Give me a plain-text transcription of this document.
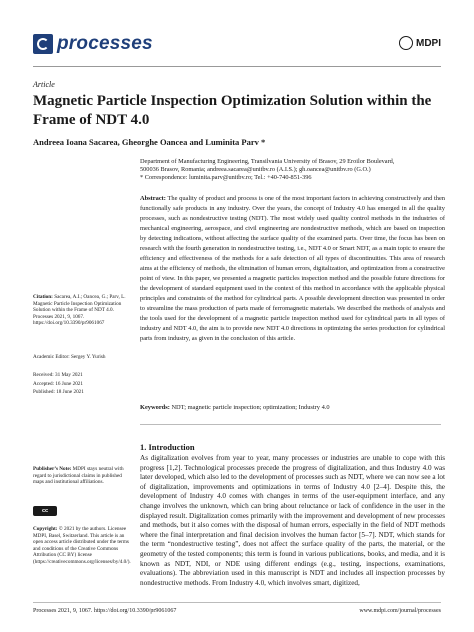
processes	MDPI
Article
Magnetic Particle Inspection Optimization Solution within the Frame of NDT 4.0
Andreea Ioana Sacarea, Gheorghe Oancea and Luminita Parv *

Department of Manufacturing Engineering, Transilvania University of Brasov, 29 Eroilor Boulevard,

500036 Brasov, Romania; andreea.sacarea@unitbv.ro (A.I.S.); gh.oancea@unitbv.ro (G.O.)

* Correspondence: luminita.parv@unitbv.ro; Tel.: +40-740-851-396

Abstract: The quality of product and process is one of the most important factors in achieving constructively and then functionally safe products in any industry. Over the years, the concept of Industry 4.0 has emerged in all the quality processes, such as nondestructive testing (NDT). The most widely used quality control methods in the industries of mechanical engineering, aerospace, and civil engineering are nondestructive methods, which are based on inspection by detecting indications, without affecting the surface quality of the examined parts. Over time, the focus has been on research with the fourth generation in nondestructive testing, i.e., NDT 4.0 or Smart NDT, as a main topic to ensure the efficiency and effectiveness of the methods for a safe detection of all types of discontinuities. This area of research aims at the efficiency of methods, the elimination of human errors, digitalization, and optimization from a constructive point of view. In this paper, we presented a magnetic particles inspection method and the possible future directions for the development of standard equipment used in the context of this method in accordance with the applicable physical principles and constraints of the method for cylindrical parts. A possible development direction was presented in order to streamline the mass production of parts made of ferromagnetic materials. We described the methods of analysis and the tools used for the development of a magnetic particle inspection method used for cylindrical parts in all types of industry and NDT 4.0, the aim is to provide new NDT 4.0 directions in optimizing the series production for cylindrical parts from industry, as given in the conclusion of this article.
Keywords: NDT; magnetic particle inspection; optimization; Industry 4.0
1. Introduction
As digitalization evolves from year to year, many processes or industries are unable to cope with this progress [1,2]. Technological processes precede the progress of digitalization, and thus Industry 4.0 was later developed, which also led to the development of processes such as NDT, where we can now see a lot of digitalization, improvements and optimizations in terms of Industry 4.0 [2–4]. Despite this, the development of Industry 4.0 comes with changes in terms of the user-equipment interface, and any change involves the unknown, which can bring about reluctance or lack of confidence in the user in the displayed result. Digitalization comes primarily with the improvement and development of new processes and methods, but it also comes with the disposal of human errors, especially in the field of NDT methods where the final interpretation and final decision involves the human factor [5–7]. NDT, which stands for the term “nondestructive testing”, does not affect the surface quality of the parts, the material, or the geometry of the tested components; this term is found in various publications, books, and media, and it is known as NDT, NDI, or NDE using different endings (e.g., testing, inspections, examinations, evaluations). The abbreviation used in this manuscript is NDT and includes all inspection processes by nondestructive methods. From Industry 4.0, which involves smart, digitized,

Citation: Sacarea, A.I.; Oancea, G.; Parv, L. Magnetic Particle Inspection Optimization Solution within the Frame of NDT 4.0. Processes 2021, 9, 1067. https://doi.org/10.3390/pr9061067

Academic Editor: Sergey Y. Yurish

Received: 31 May 2021

Accepted: 16 June 2021

Published: 18 June 2021

Publisher’s Note: MDPI stays neutral with regard to jurisdictional claims in published maps and institutional affiliations.

cc

Copyright: © 2021 by the authors. Licensee MDPI, Basel, Switzerland. This article is an open access article distributed under the terms and conditions of the Creative Commons Attribution (CC BY) license (https://creativecommons.org/licenses/by/4.0/).

Processes 2021, 9, 1067. https://doi.org/10.3390/pr9061067	www.mdpi.com/journal/processes
